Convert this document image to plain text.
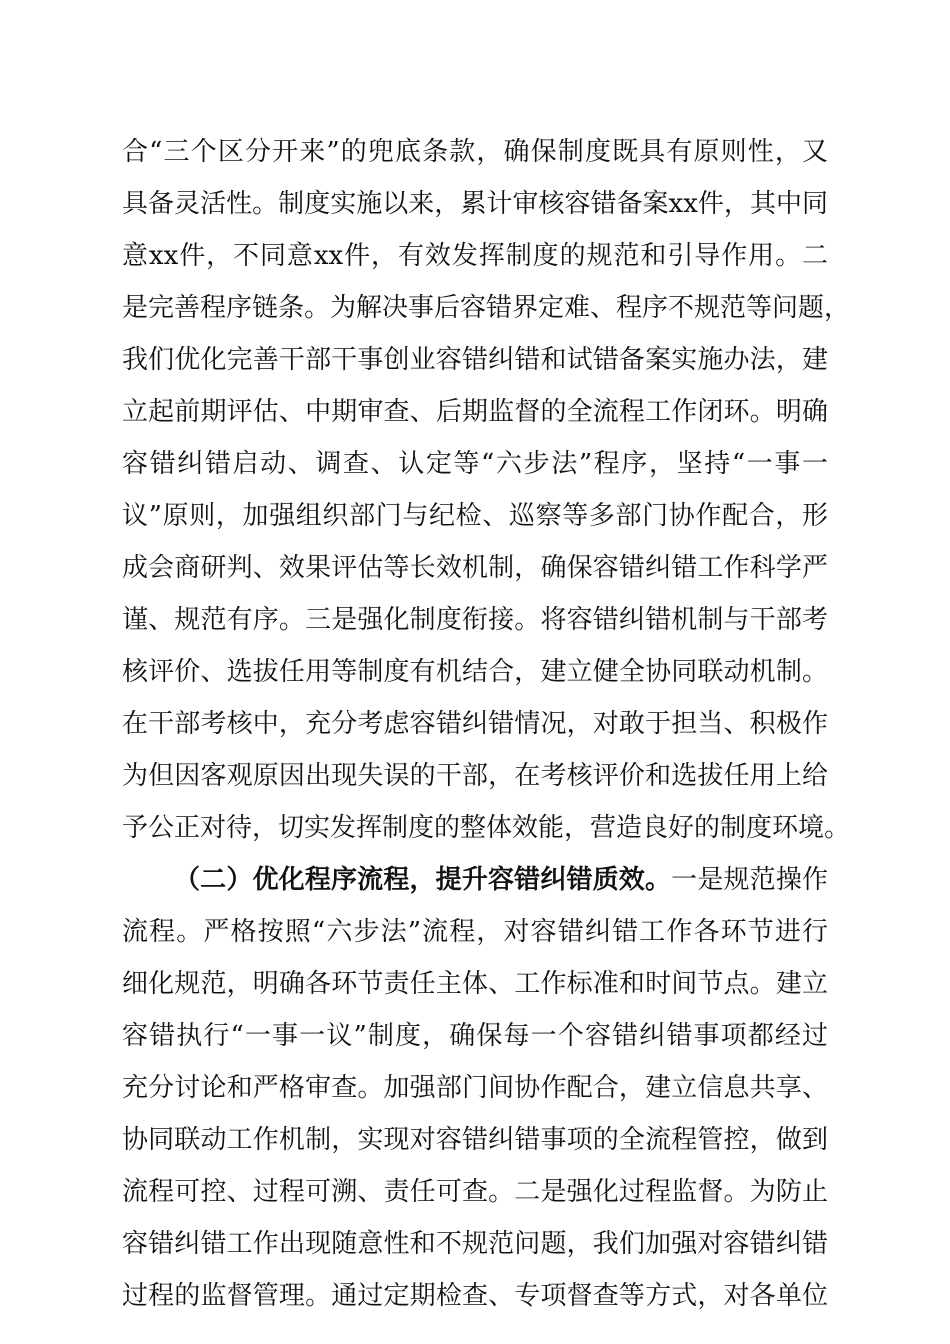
合“三个区分开来”的兜底条款，确保制度既具有原则性，又
具备灵活性。制度实施以来，累计审核容错备案xx件，其中同
意xx件，不同意xx件，有效发挥制度的规范和引导作用。二
是完善程序链条。为解决事后容错界定难、程序不规范等问题，
我们优化完善干部干事创业容错纠错和试错备案实施办法，建
立起前期评估、中期审查、后期监督的全流程工作闭环。明确
容错纠错启动、调查、认定等“六步法”程序，坚持“一事一
议”原则，加强组织部门与纪检、巡察等多部门协作配合，形
成会商研判、效果评估等长效机制，确保容错纠错工作科学严
谨、规范有序。三是强化制度衔接。将容错纠错机制与干部考
核评价、选拔任用等制度有机结合，建立健全协同联动机制。
在干部考核中，充分考虑容错纠错情况，对敢于担当、积极作
为但因客观原因出现失误的干部，在考核评价和选拔任用上给
予公正对待，切实发挥制度的整体效能，营造良好的制度环境。
（二）优化程序流程，提升容错纠错质效。一是规范操作
流程。严格按照“六步法”流程，对容错纠错工作各环节进行
细化规范，明确各环节责任主体、工作标准和时间节点。建立
容错执行“一事一议”制度，确保每一个容错纠错事项都经过
充分讨论和严格审查。加强部门间协作配合，建立信息共享、
协同联动工作机制，实现对容错纠错事项的全流程管控，做到
流程可控、过程可溯、责任可查。二是强化过程监督。为防止
容错纠错工作出现随意性和不规范问题，我们加强对容错纠错
过程的监督管理。通过定期检查、专项督查等方式，对各单位
